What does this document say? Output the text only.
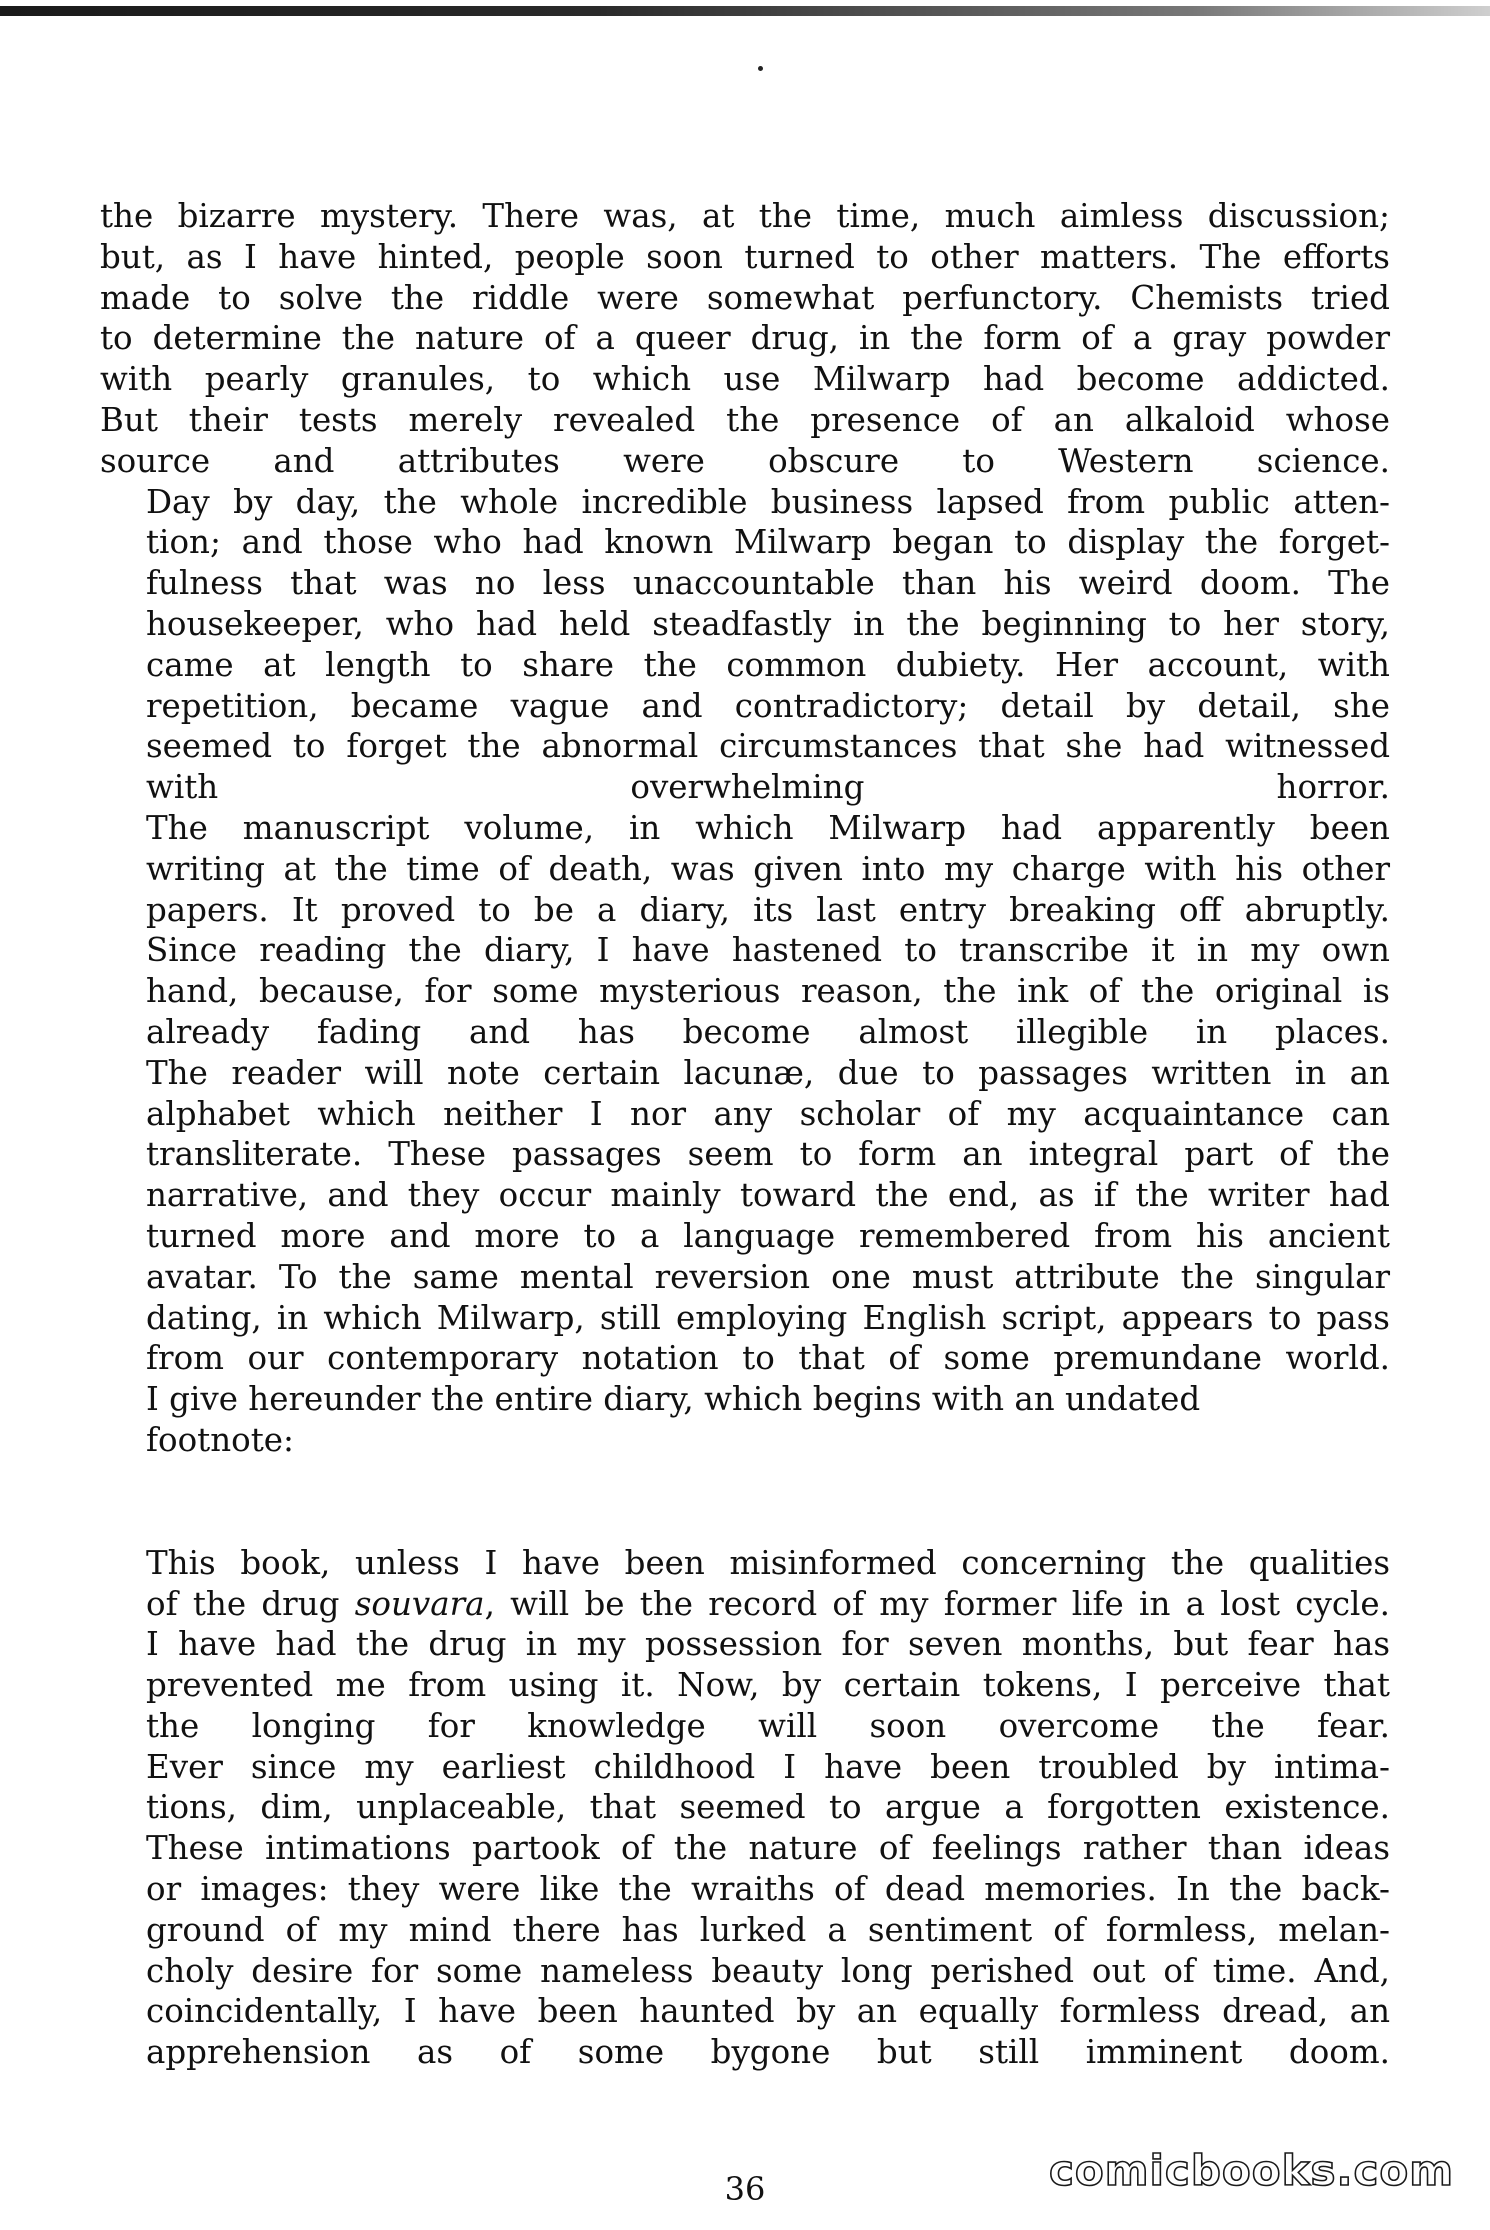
the bizarre mystery. There was, at the time, much aimless discussion;
but, as I have hinted, people soon turned to other matters. The efforts
made to solve the riddle were somewhat perfunctory. Chemists tried
to determine the nature of a queer drug, in the form of a gray powder
with pearly granules, to which use Milwarp had become addicted.
But their tests merely revealed the presence of an alkaloid whose
source and attributes were obscure to Western science.

Day by day, the whole incredible business lapsed from public atten-
tion; and those who had known Milwarp began to display the forget-
fulness that was no less unaccountable than his weird doom. The
housekeeper, who had held steadfastly in the beginning to her story,
came at length to share the common dubiety. Her account, with
repetition, became vague and contradictory; detail by detail, she
seemed to forget the abnormal circumstances that she had witnessed
with overwhelming horror.

The manuscript volume, in which Milwarp had apparently been
writing at the time of death, was given into my charge with his other
papers. It proved to be a diary, its last entry breaking off abruptly.
Since reading the diary, I have hastened to transcribe it in my own
hand, because, for some mysterious reason, the ink of the original is
already fading and has become almost illegible in places.

The reader will note certain lacunæ, due to passages written in an
alphabet which neither I nor any scholar of my acquaintance can
transliterate. These passages seem to form an integral part of the
narrative, and they occur mainly toward the end, as if the writer had
turned more and more to a language remembered from his ancient
avatar. To the same mental reversion one must attribute the singular
dating, in which Milwarp, still employing English script, appears to pass
from our contemporary notation to that of some premundane world.

I give hereunder the entire diary, which begins with an undated
footnote:

This book, unless I have been misinformed concerning the qualities
of the drug souvara, will be the record of my former life in a lost cycle.
I have had the drug in my possession for seven months, but fear has
prevented me from using it. Now, by certain tokens, I perceive that
the longing for knowledge will soon overcome the fear.

Ever since my earliest childhood I have been troubled by intima-
tions, dim, unplaceable, that seemed to argue a forgotten existence.
These intimations partook of the nature of feelings rather than ideas
or images: they were like the wraiths of dead memories. In the back-
ground of my mind there has lurked a sentiment of formless, melan-
choly desire for some nameless beauty long perished out of time. And,
coincidentally, I have been haunted by an equally formless dread, an
apprehension as of some bygone but still imminent doom.

36	comicbooks.com
